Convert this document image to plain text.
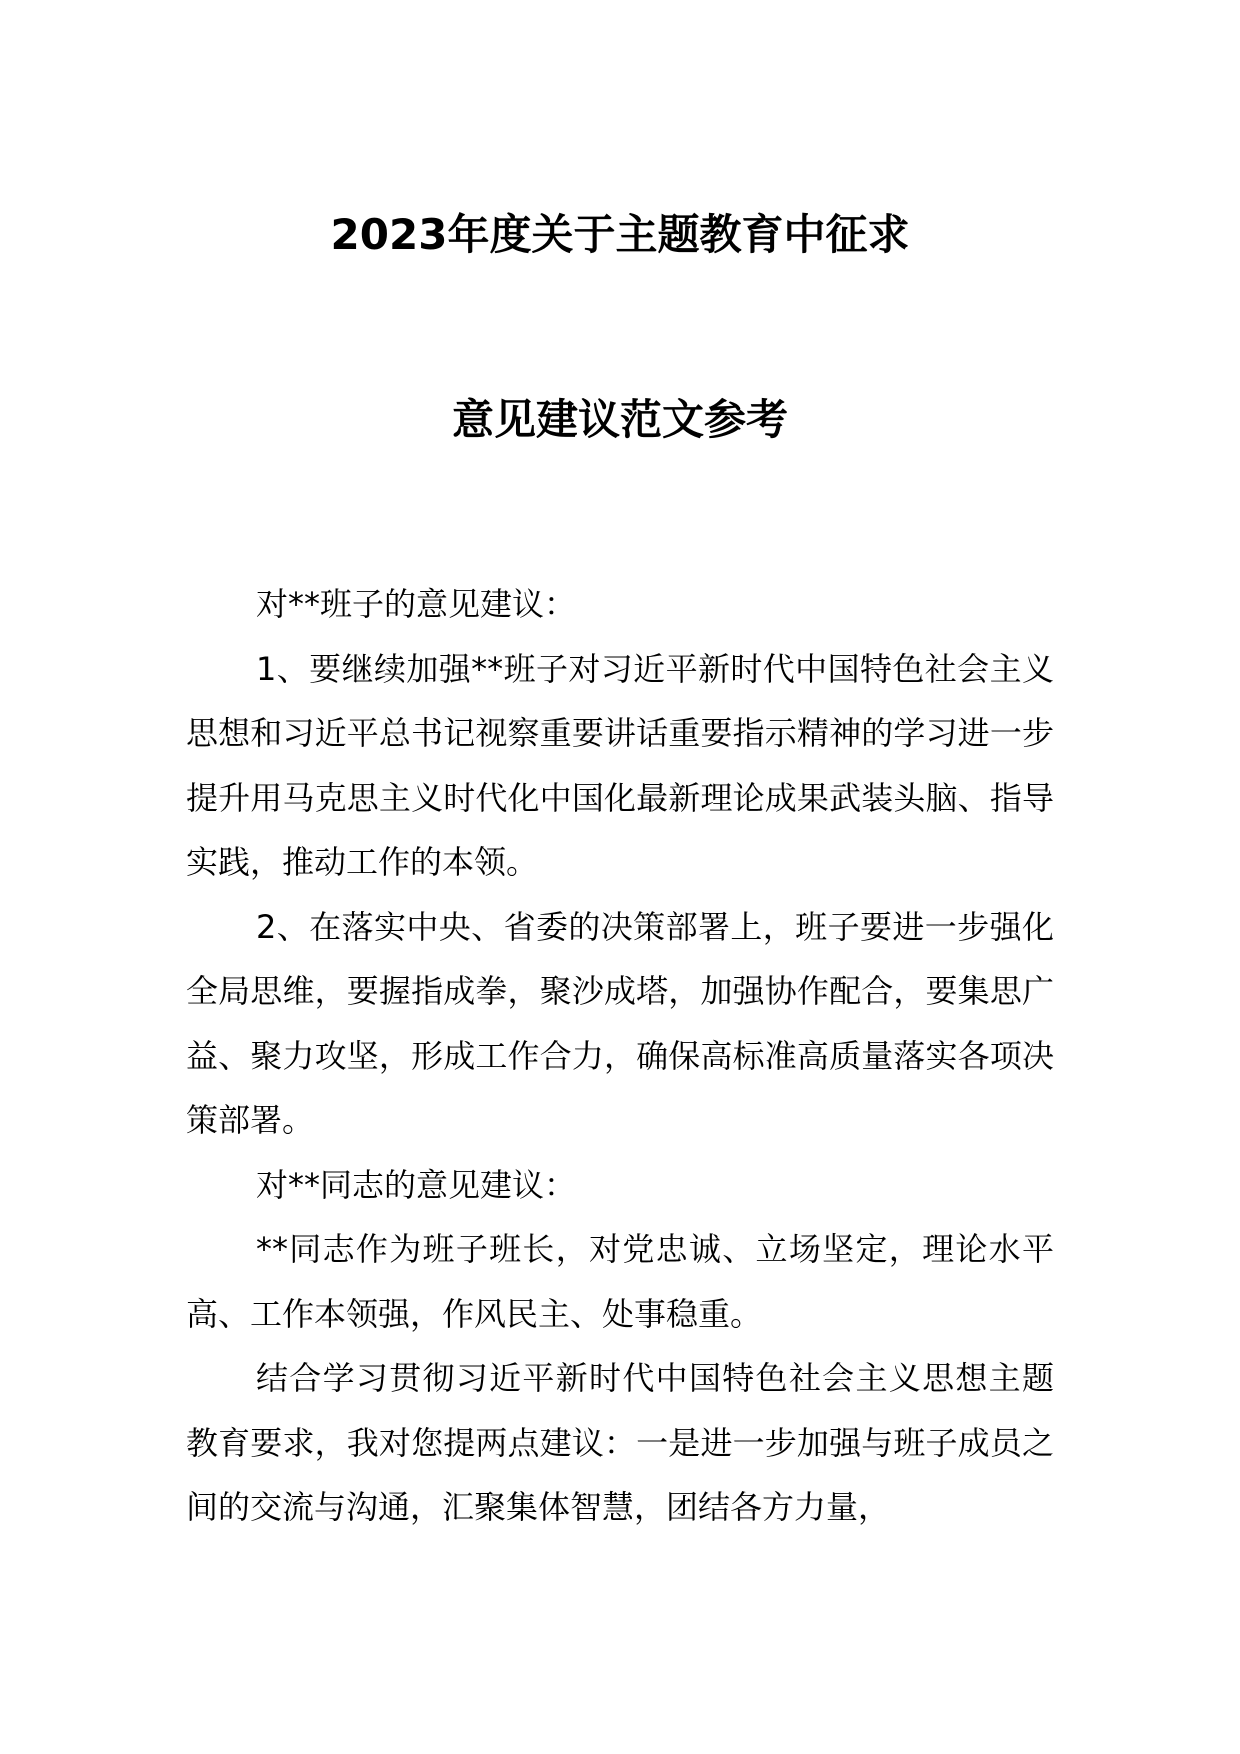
2023年度关于主题教育中征求
意见建议范文参考

对**班子的意见建议：

1、要继续加强**班子对习近平新时代中国特色社会主义思想和习近平总书记视察重要讲话重要指示精神的学习进一步提升用马克思主义时代化中国化最新理论成果武装头脑、指导实践，推动工作的本领。

2、在落实中央、省委的决策部署上，班子要进一步强化全局思维，要握指成拳，聚沙成塔，加强协作配合，要集思广益、聚力攻坚，形成工作合力，确保高标准高质量落实各项决策部署。

对**同志的意见建议：

**同志作为班子班长，对党忠诚、立场坚定，理论水平高、工作本领强，作风民主、处事稳重。

结合学习贯彻习近平新时代中国特色社会主义思想主题教育要求，我对您提两点建议：一是进一步加强与班子成员之间的交流与沟通，汇聚集体智慧，团结各方力量，
